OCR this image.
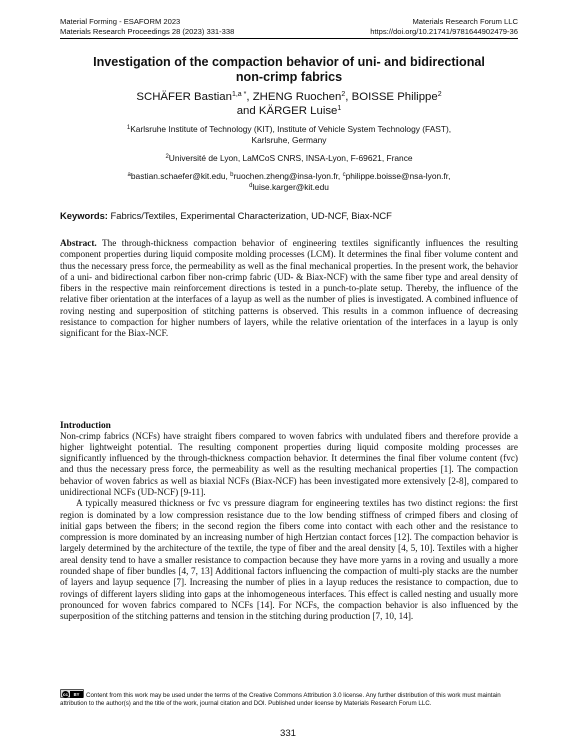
Material Forming - ESAFORM 2023	Materials Research Forum LLC
Materials Research Proceedings 28 (2023) 331-338	https://doi.org/10.21741/9781644902479-36
Investigation of the compaction behavior of uni- and bidirectional
non-crimp fabrics
SCHÄFER Bastian$^{1,a *}$, ZHENG Ruochen$^2$, BOISSE Philippe$^2$
and KÄRGER Luise$^1$
$^1$Karlsruhe Institute of Technology (KIT), Institute of Vehicle System Technology (FAST),
Karlsruhe, Germany
$^2$Université de Lyon, LaMCoS CNRS, INSA-Lyon, F-69621, France
$^a$bastian.schaefer@kit.edu, $^b$ruochen.zheng@insa-lyon.fr, $^c$philippe.boisse@nsa-lyon.fr,
$^d$luise.karger@kit.edu
Keywords: Fabrics/Textiles, Experimental Characterization, UD-NCF, Biax-NCF
Abstract. The through-thickness compaction behavior of engineering textiles significantly influences the resulting component properties during liquid composite molding processes (LCM). It determines the final fiber volume content and thus the necessary press force, the permeability as well as the final mechanical properties. In the present work, the behavior of a uni- and bidirectional carbon fiber non-crimp fabric (UD- & Biax-NCF) with the same fiber type and areal density of fibers in the respective main reinforcement directions is tested in a punch-to-plate setup. Thereby, the influence of the relative fiber orientation at the interfaces of a layup as well as the number of plies is investigated. A combined influence of roving nesting and superposition of stitching patterns is observed. This results in a common influence of decreasing resistance to compaction for higher numbers of layers, while the relative orientation of the interfaces in a layup is only significant for the Biax-NCF.
Introduction

Non-crimp fabrics (NCFs) have straight fibers compared to woven fabrics with undulated fibers and therefore provide a higher lightweight potential. The resulting component properties during liquid composite molding processes are significantly influenced by the through-thickness compaction behavior. It determines the final fiber volume content (fvc) and thus the necessary press force, the permeability as well as the resulting mechanical properties [1]. The compaction behavior of woven fabrics as well as biaxial NCFs (Biax-NCF) has been investigated more extensively [2-8], compared to unidirectional NCFs (UD-NCF) [9-11].

A typically measured thickness or fvc vs pressure diagram for engineering textiles has two distinct regions: the first region is dominated by a low compression resistance due to the low bending stiffness of crimped fibers and closing of initial gaps between the fibers; in the second region the fibers come into contact with each other and the resistance to compression is more dominated by an increasing number of high Hertzian contact forces [12]. The compaction behavior is largely determined by the architecture of the textile, the type of fiber and the areal density [4, 5, 10]. Textiles with a higher areal density tend to have a smaller resistance to compaction because they have more yarns in a roving and usually a more rounded shape of fiber bundles [4, 7, 13] Additional factors influencing the compaction of multi-ply stacks are the number of layers and layup sequence [7]. Increasing the number of plies in a layup reduces the resistance to compaction, due to rovings of different layers sliding into gaps at the inhomogeneous interfaces. This effect is called nesting and usually more pronounced for woven fabrics compared to NCFs [14]. For NCFs, the compaction behavior is also influenced by the superposition of the stitching patterns and tension in the stitching during production [7, 10, 14].

cc	BY	Content from this work may be used under the terms of the Creative Commons Attribution 3.0 license. Any further distribution of this work must maintain attribution to the author(s) and the title of the work, journal citation and DOI. Published under license by Materials Research Forum LLC.
331
